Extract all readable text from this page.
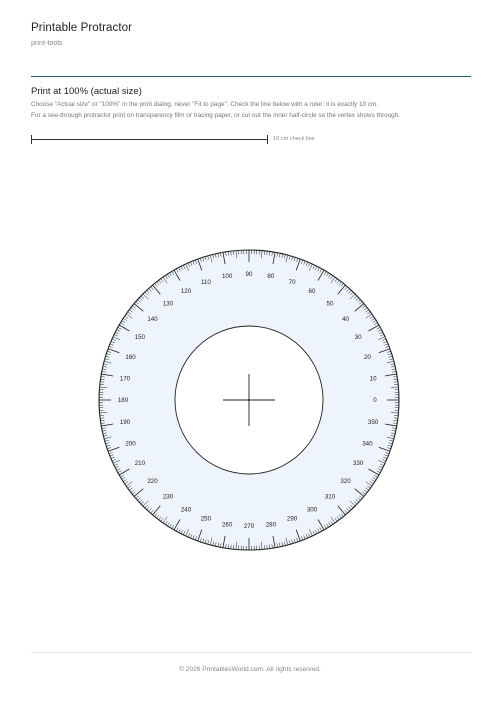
Printable Protractor
print-tools
Print at 100% (actual size)
Choose "Actual size" or "100%" in the print dialog, never "Fit to page". Check the line below with a ruler: it is exactly 10 cm.
For a see-through protractor print on transparency film or tracing paper, or cut out the inner half-circle so the vertex shows through.
10 cm check line
0
10
20
30
40
50
60
70
80
90
100
110
120
130
140
150
160
170
180
190
200
210
220
230
240
250
260 270 280
290
300
310
320
330
340
350
© 2026 PrintablesWorld.com. All rights reserved.
